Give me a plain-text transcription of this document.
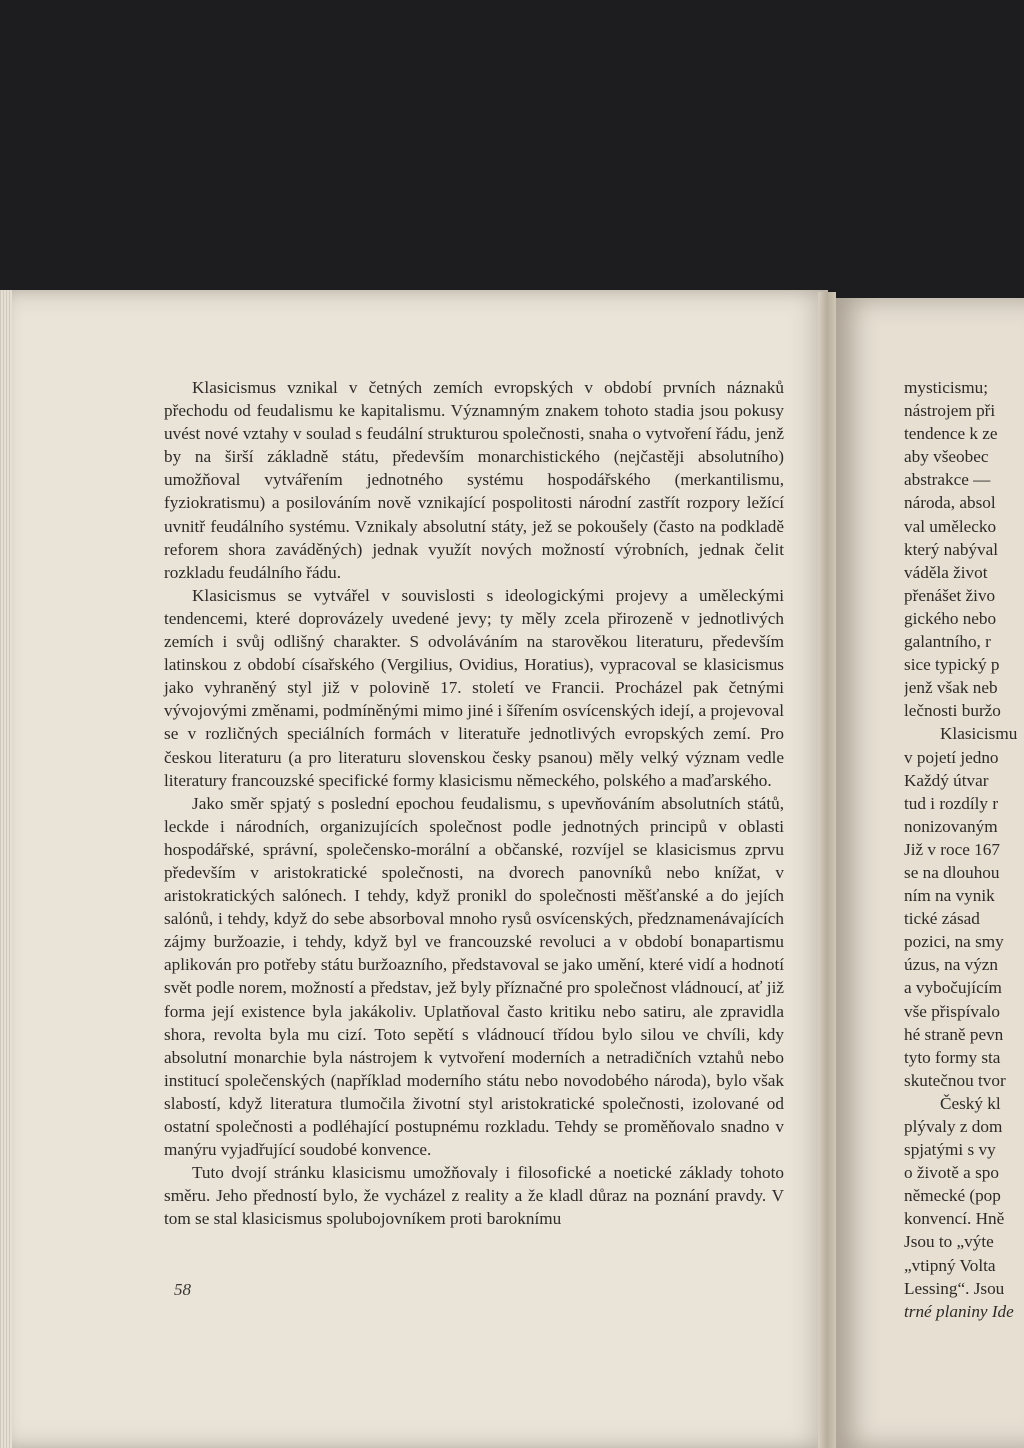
Klasicismus vznikal v četných zemích evropských v období prvních náznaků přechodu od feudalismu ke kapitalismu. Významným znakem tohoto stadia jsou pokusy uvést nové vztahy v soulad s feudální strukturou společnosti, snaha o vytvoření řádu, jenž by na širší základně státu, především monarchistického (nejčastěji absolutního) umožňoval vytvářením jednotného systému hospodářského (merkantilismu, fyziokratismu) a posilováním nově vznikající pospolitosti národní zastřít rozpory ležící uvnitř feudálního systému. Vznikaly absolutní státy, jež se pokoušely (často na podkladě reforem shora zaváděných) jednak využít nových možností výrobních, jednak čelit rozkladu feudálního řádu.

Klasicismus se vytvářel v souvislosti s ideologickými projevy a uměleckými tendencemi, které doprovázely uvedené jevy; ty měly zcela přirozeně v jednotlivých zemích i svůj odlišný charakter. S odvoláváním na starověkou literaturu, především latinskou z období císařského (Vergilius, Ovidius, Horatius), vypracoval se klasicismus jako vyhraněný styl již v polovině 17. století ve Francii. Procházel pak četnými vývojovými změnami, podmíněnými mimo jiné i šířením osvícenských idejí, a projevoval se v rozličných speciálních formách v literatuře jednotlivých evropských zemí. Pro českou literaturu (a pro literaturu slovenskou česky psanou) měly velký význam vedle literatury francouzské specifické formy klasicismu německého, polského a maďarského.

Jako směr spjatý s poslední epochou feudalismu, s upevňováním absolutních států, leckde i národních, organizujících společnost podle jednotných principů v oblasti hospodářské, správní, společensko-morální a občanské, rozvíjel se klasicismus zprvu především v aristokratické společnosti, na dvorech panovníků nebo knížat, v aristokratických salónech. I tehdy, když pronikl do společnosti měšťanské a do jejích salónů, i tehdy, když do sebe absorboval mnoho rysů osvícenských, předznamenávajících zájmy buržoazie, i tehdy, když byl ve francouzské revoluci a v období bonapartismu aplikován pro potřeby státu buržoazního, představoval se jako umění, které vidí a hodnotí svět podle norem, možností a představ, jež byly příznačné pro společnost vládnoucí, ať již forma její existence byla jakákoliv. Uplatňoval často kritiku nebo satiru, ale zpravidla shora, revolta byla mu cizí. Toto sepětí s vládnoucí třídou bylo silou ve chvíli, kdy absolutní monarchie byla nástrojem k vytvoření moderních a netradičních vztahů nebo institucí společenských (například moderního státu nebo novodobého národa), bylo však slabostí, když literatura tlumočila životní styl aristokratické společnosti, izolované od ostatní společnosti a podléhající postupnému rozkladu. Tehdy se proměňovalo snadno v manýru vyjadřující soudobé konvence.

Tuto dvojí stránku klasicismu umožňovaly i filosofické a noetické základy tohoto směru. Jeho předností bylo, že vycházel z reality a že kladl důraz na poznání pravdy. V tom se stal klasicismus spolubojovníkem proti baroknímu

58
mysticismu;
nástrojem při
tendence k ze
aby všeobec
abstrakce —
národa, absol
val umělecko
který nabýval
váděla život
přenášet živo
gického nebo
galantního, r
sice typický p
jenž však neb
lečnosti buržo
Klasicismu
v pojetí jedno
Každý útvar
tud i rozdíly r
nonizovaným
Již v roce 167
se na dlouhou
ním na vynik
tické zásad
pozici, na smy
úzus, na význ
a vybočujícím
vše přispívalo
hé straně pevn
tyto formy sta
skutečnou tvor
Český kl
plývaly z dom
spjatými s vy
o životě a spo
německé (pop
konvencí. Hně
Jsou to „výte
„vtipný Volta
Lessing“. Jsou
trné planiny Ide
